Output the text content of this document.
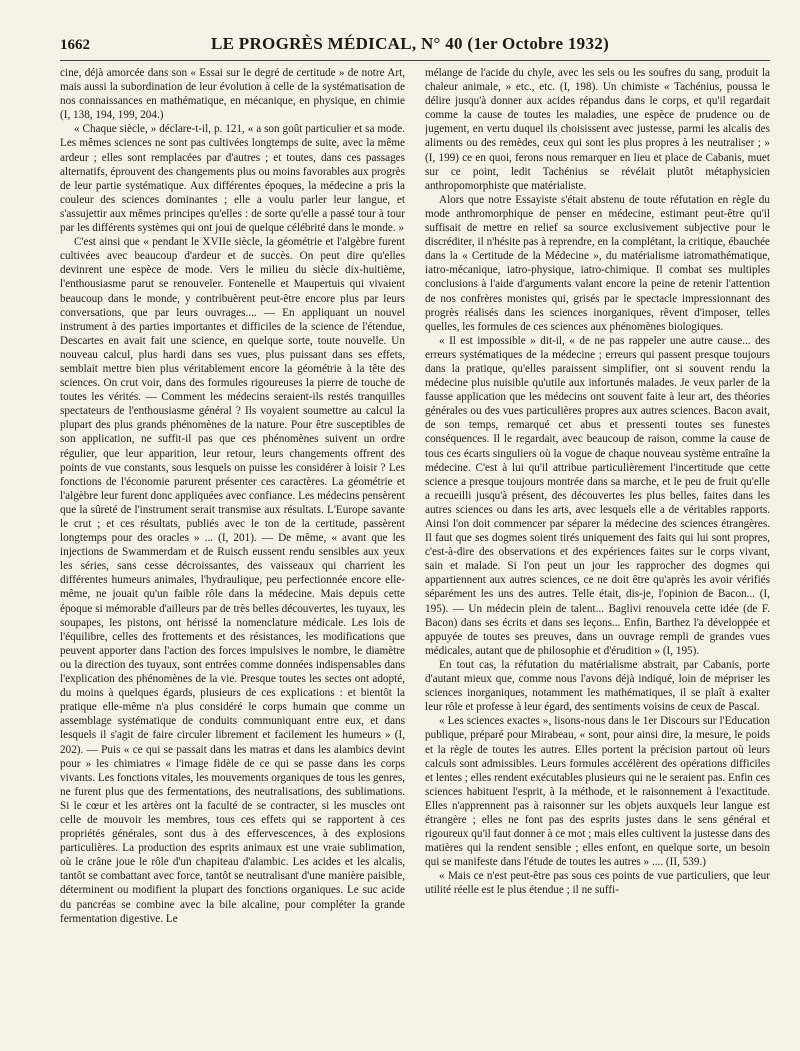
1662	LE PROGRÈS MÉDICAL, N° 40 (1er Octobre 1932)

cine, déjà amorcée dans son « Essai sur le degré de certitude » de notre Art, mais aussi la subordination de leur évolution à celle de la systématisation de nos connaissances en mathématique, en mécanique, en physique, en chimie (I, 138, 194, 199, 204.)

« Chaque siècle, » déclare-t-il, p. 121, « a son goût particulier et sa mode. Les mêmes sciences ne sont pas cultivées longtemps de suite, avec la même ardeur ; elles sont remplacées par d'autres ; et toutes, dans ces passages alternatifs, éprouvent des changements plus ou moins favorables aux progrès de leur partie systématique. Aux différentes époques, la médecine a pris la couleur des sciences dominantes ; elle a voulu parler leur langue, et s'assujettir aux mêmes principes qu'elles : de sorte qu'elle a passé tour à tour par les différents systèmes qui ont joui de quelque célébrité dans le monde. »

C'est ainsi que « pendant le XVIIe siècle, la géométrie et l'algèbre furent cultivées avec beaucoup d'ardeur et de succès. On peut dire qu'elles devinrent une espèce de mode. Vers le milieu du siècle dix-huitième, l'enthousiasme parut se renouveler. Fontenelle et Maupertuis qui vivaient beaucoup dans le monde, y contribuèrent peut-être encore plus par leurs conversations, que par leurs ouvrages.... — En appliquant un nouvel instrument à des parties importantes et difficiles de la science de l'étendue, Descartes en avait fait une science, en quelque sorte, toute nouvelle. Un nouveau calcul, plus hardi dans ses vues, plus puissant dans ses effets, semblait mettre bien plus véritablement encore la géométrie à la tête des sciences. On crut voir, dans des formules rigoureuses la pierre de touche de toutes les vérités. — Comment les médecins seraient-ils restés tranquilles spectateurs de l'enthousiasme général ? Ils voyaient soumettre au calcul la plupart des plus grands phénomènes de la nature. Pour être susceptibles de son application, ne suffit-il pas que ces phénomènes suivent un ordre régulier, que leur apparition, leur retour, leurs changements offrent des points de vue constants, sous lesquels on puisse les considérer à loisir ? Les fonctions de l'économie parurent présenter ces caractères. La géométrie et l'algèbre leur furent donc appliquées avec confiance. Les médecins pensèrent que la sûreté de l'instrument serait transmise aux résultats. L'Europe savante le crut ; et ces résultats, publiés avec le ton de la certitude, passèrent longtemps pour des oracles » ... (I, 201). — De même, « avant que les injections de Swammerdam et de Ruisch eussent rendu sensibles aux yeux les séries, sans cesse décroissantes, des vaisseaux qui charrient les différentes humeurs animales, l'hydraulique, peu perfectionnée encore elle-même, ne jouait qu'un faible rôle dans la médecine. Mais depuis cette époque si mémorable d'ailleurs par de très belles découvertes, les tuyaux, les soupapes, les pistons, ont hérissé la nomenclature médicale. Les lois de l'équilibre, celles des frottements et des résistances, les modifications que peuvent apporter dans l'action des forces impulsives le nombre, le diamètre ou la direction des tuyaux, sont entrées comme données indispensables dans l'explication des phénomènes de la vie. Presque toutes les sectes ont adopté, du moins à quelques égards, plusieurs de ces explications : et bientôt la pratique elle-même n'a plus considéré le corps humain que comme un assemblage systématique de conduits communiquant entre eux, et dans lesquels il s'agit de faire circuler librement et facilement les humeurs » (I, 202). — Puis « ce qui se passait dans les matras et dans les alambics devint pour » les chimiatres « l'image fidèle de ce qui se passe dans les corps vivants. Les fonctions vitales, les mouvements organiques de tous les genres, ne furent plus que des fermentations, des neutralisations, des sublimations. Si le cœur et les artères ont la faculté de se contracter, si les muscles ont celle de mouvoir les membres, tous ces effets qui se rapportent à ces propriétés générales, sont dus à des effervescences, à des explosions particulières. La production des esprits animaux est une vraie sublimation, où le crâne joue le rôle d'un chapiteau d'alambic. Les acides et les alcalis, tantôt se combattant avec force, tantôt se neutralisant d'une manière paisible, déterminent ou modifient la plupart des fonctions organiques. Le suc acide du pancréas se combine avec la bile alcaline, pour compléter la grande fermentation digestive. Le

mélange de l'acide du chyle, avec les sels ou les soufres du sang, produit la chaleur animale, » etc., etc. (I, 198). Un chimiste « Tachénius, poussa le délire jusqu'à donner aux acides répandus dans le corps, et qu'il regardait comme la cause de toutes les maladies, une espèce de prudence ou de jugement, en vertu duquel ils choisissent avec justesse, parmi les alcalis des aliments ou des remèdes, ceux qui sont les plus propres à les neutraliser ; » (I, 199) ce en quoi, ferons nous remarquer en lieu et place de Cabanis, muet sur ce point, ledit Tachénius se révélait plutôt métaphysicien anthropomorphiste que matérialiste.

Alors que notre Essayiste s'était abstenu de toute réfutation en règle du mode anthromorphique de penser en médecine, estimant peut-être qu'il suffisait de mettre en relief sa source exclusivement subjective pour le discréditer, il n'hésite pas à reprendre, en la complétant, la critique, ébauchée dans la « Certitude de la Médecine », du matérialisme iatromathématique, iatro-mécanique, iatro-physique, iatro-chimique. Il combat ses multiples conclusions à l'aide d'arguments valant encore la peine de retenir l'attention de nos confrères monistes qui, grisés par le spectacle impressionnant des progrès réalisés dans les sciences inorganiques, rêvent d'imposer, telles quelles, les formules de ces sciences aux phénomènes biologiques.

« Il est impossible » dit-il, « de ne pas rappeler une autre cause... des erreurs systématiques de la médecine ; erreurs qui passent presque toujours dans la pratique, qu'elles paraissent simplifier, ont si souvent rendu la médecine plus nuisible qu'utile aux infortunés malades. Je veux parler de la fausse application que les médecins ont souvent faite à leur art, des théories générales ou des vues particulières propres aux autres sciences. Bacon avait, de son temps, remarqué cet abus et pressenti toutes ses funestes conséquences. Il le regardait, avec beaucoup de raison, comme la cause de tous ces écarts singuliers où la vogue de chaque nouveau système entraîne la médecine. C'est à lui qu'il attribue particulièrement l'incertitude que cette science a presque toujours montrée dans sa marche, et le peu de fruit qu'elle a recueilli jusqu'à présent, des découvertes les plus belles, faites dans les autres sciences ou dans les arts, avec lesquels elle a de véritables rapports. Ainsi l'on doit commencer par séparer la médecine des sciences étrangères. Il faut que ses dogmes soient tirés uniquement des faits qui lui sont propres, c'est-à-dire des observations et des expériences faites sur le corps vivant, sain et malade. Si l'on peut un jour les rapprocher des dogmes qui appartiennent aux autres sciences, ce ne doit être qu'après les avoir vérifiés séparément les uns des autres. Telle était, dis-je, l'opinion de Bacon... (I, 195). — Un médecin plein de talent... Baglivi renouvela cette idée (de F. Bacon) dans ses écrits et dans ses leçons... Enfin, Barthez l'a développée et appuyée de toutes ses preuves, dans un ouvrage rempli de grandes vues médicales, autant que de philosophie et d'érudition » (I, 195).

En tout cas, la réfutation du matérialisme abstrait, par Cabanis, porte d'autant mieux que, comme nous l'avons déjà indiqué, loin de mépriser les sciences inorganiques, notamment les mathématiques, il se plaît à exalter leur rôle et professe à leur égard, des sentiments voisins de ceux de Pascal.

« Les sciences exactes », lisons-nous dans le 1er Discours sur l'Education publique, préparé pour Mirabeau, « sont, pour ainsi dire, la mesure, le poids et la règle de toutes les autres. Elles portent la précision partout où leurs calculs sont admissibles. Leurs formules accélèrent des opérations difficiles et lentes ; elles rendent exécutables plusieurs qui ne le seraient pas. Enfin ces sciences habituent l'esprit, à la méthode, et le raisonnement à l'exactitude. Elles n'apprennent pas à raisonner sur les objets auxquels leur langue est étrangère ; elles ne font pas des esprits justes dans le sens général et rigoureux qu'il faut donner à ce mot ; mais elles cultivent la justesse dans des matières qui la rendent sensible ; elles enfont, en quelque sorte, un besoin qui se manifeste dans l'étude de toutes les autres » .... (II, 539.)

« Mais ce n'est peut-être pas sous ces points de vue particuliers, que leur utilité réelle est le plus étendue ; il ne suffi-
